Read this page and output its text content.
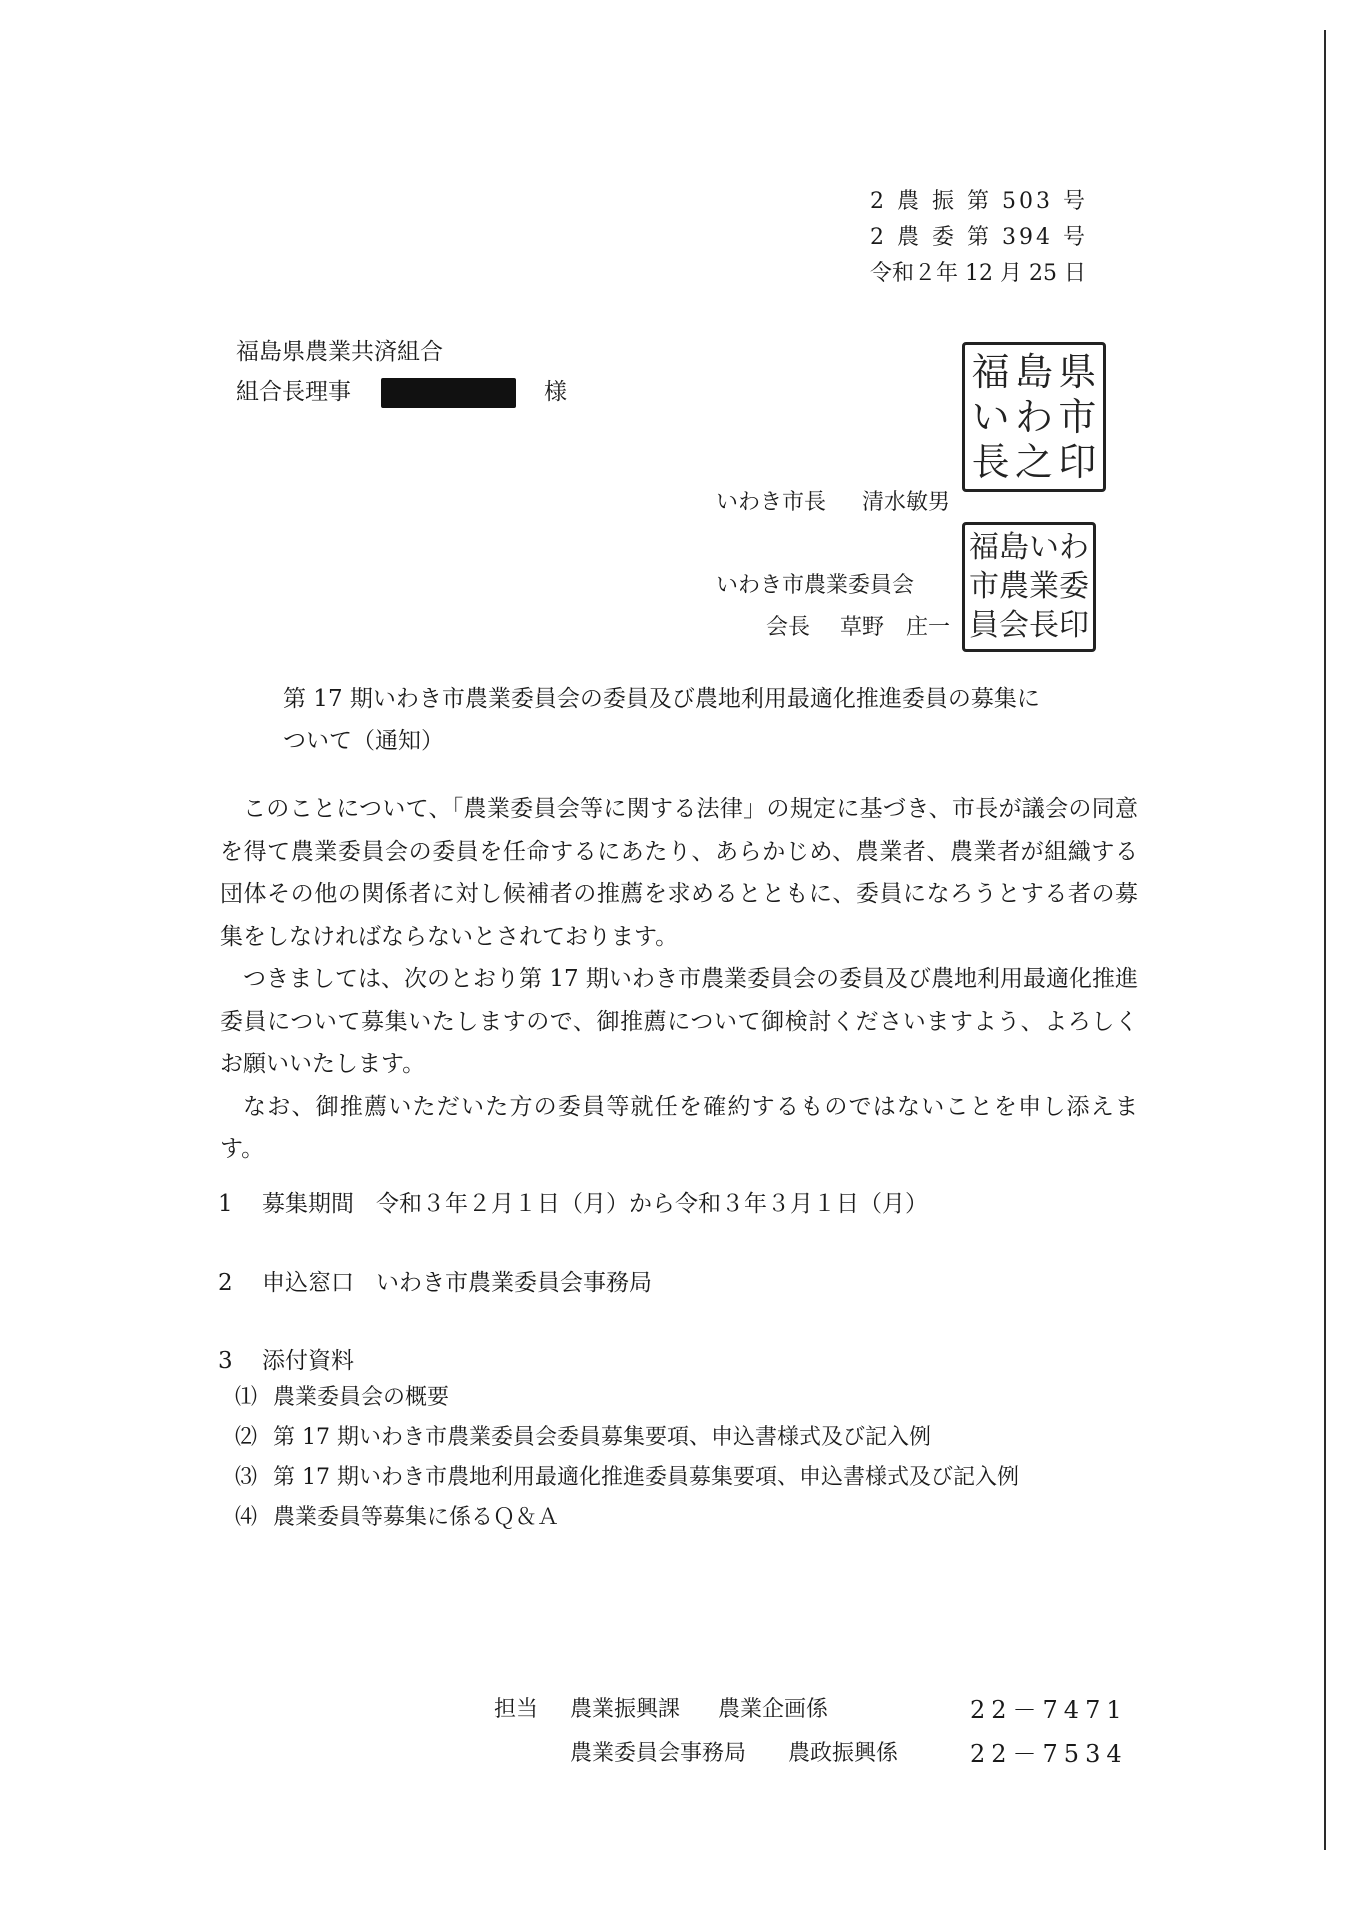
2 農 振 第 503 号
2 農 委 第 394 号
令和２年 12 月 25 日
福島県農業共済組合
組合長理事	様
いわき市長 清水敏男
福 島 県
い わ 市
長 之 印
いわき市農業委員会
会長 草野　庄一
福 島 い わ
市 農 業 委
員 会 長 印
第 17 期いわき市農業委員会の委員及び農地利用最適化推進委員の募集に
ついて（通知）

このことについて、「農業委員会等に関する法律」の規定に基づき、市長が議会の同意を得て農業委員会の委員を任命するにあたり、あらかじめ、農業者、農業者が組織する団体その他の関係者に対し候補者の推薦を求めるとともに、委員になろうとする者の募集をしなければならないとされております。

つきましては、次のとおり第 17 期いわき市農業委員会の委員及び農地利用最適化推進委員について募集いたしますので、御推薦について御検討くださいますよう、よろしくお願いいたします。

なお、御推薦いただいた方の委員等就任を確約するものではないことを申し添えます。

1 募集期間 令和３年２月１日（月）から令和３年３月１日（月）
2 申込窓口 いわき市農業委員会事務局
3 添付資料
⑴ 農業委員会の概要
⑵ 第 17 期いわき市農業委員会委員募集要項、申込書様式及び記入例
⑶ 第 17 期いわき市農地利用最適化推進委員募集要項、申込書様式及び記入例
⑷ 農業委員等募集に係るＱ＆Ａ
担当 農業振興課 農業企画係	22－7471
農業委員会事務局 農政振興係	22－7534
